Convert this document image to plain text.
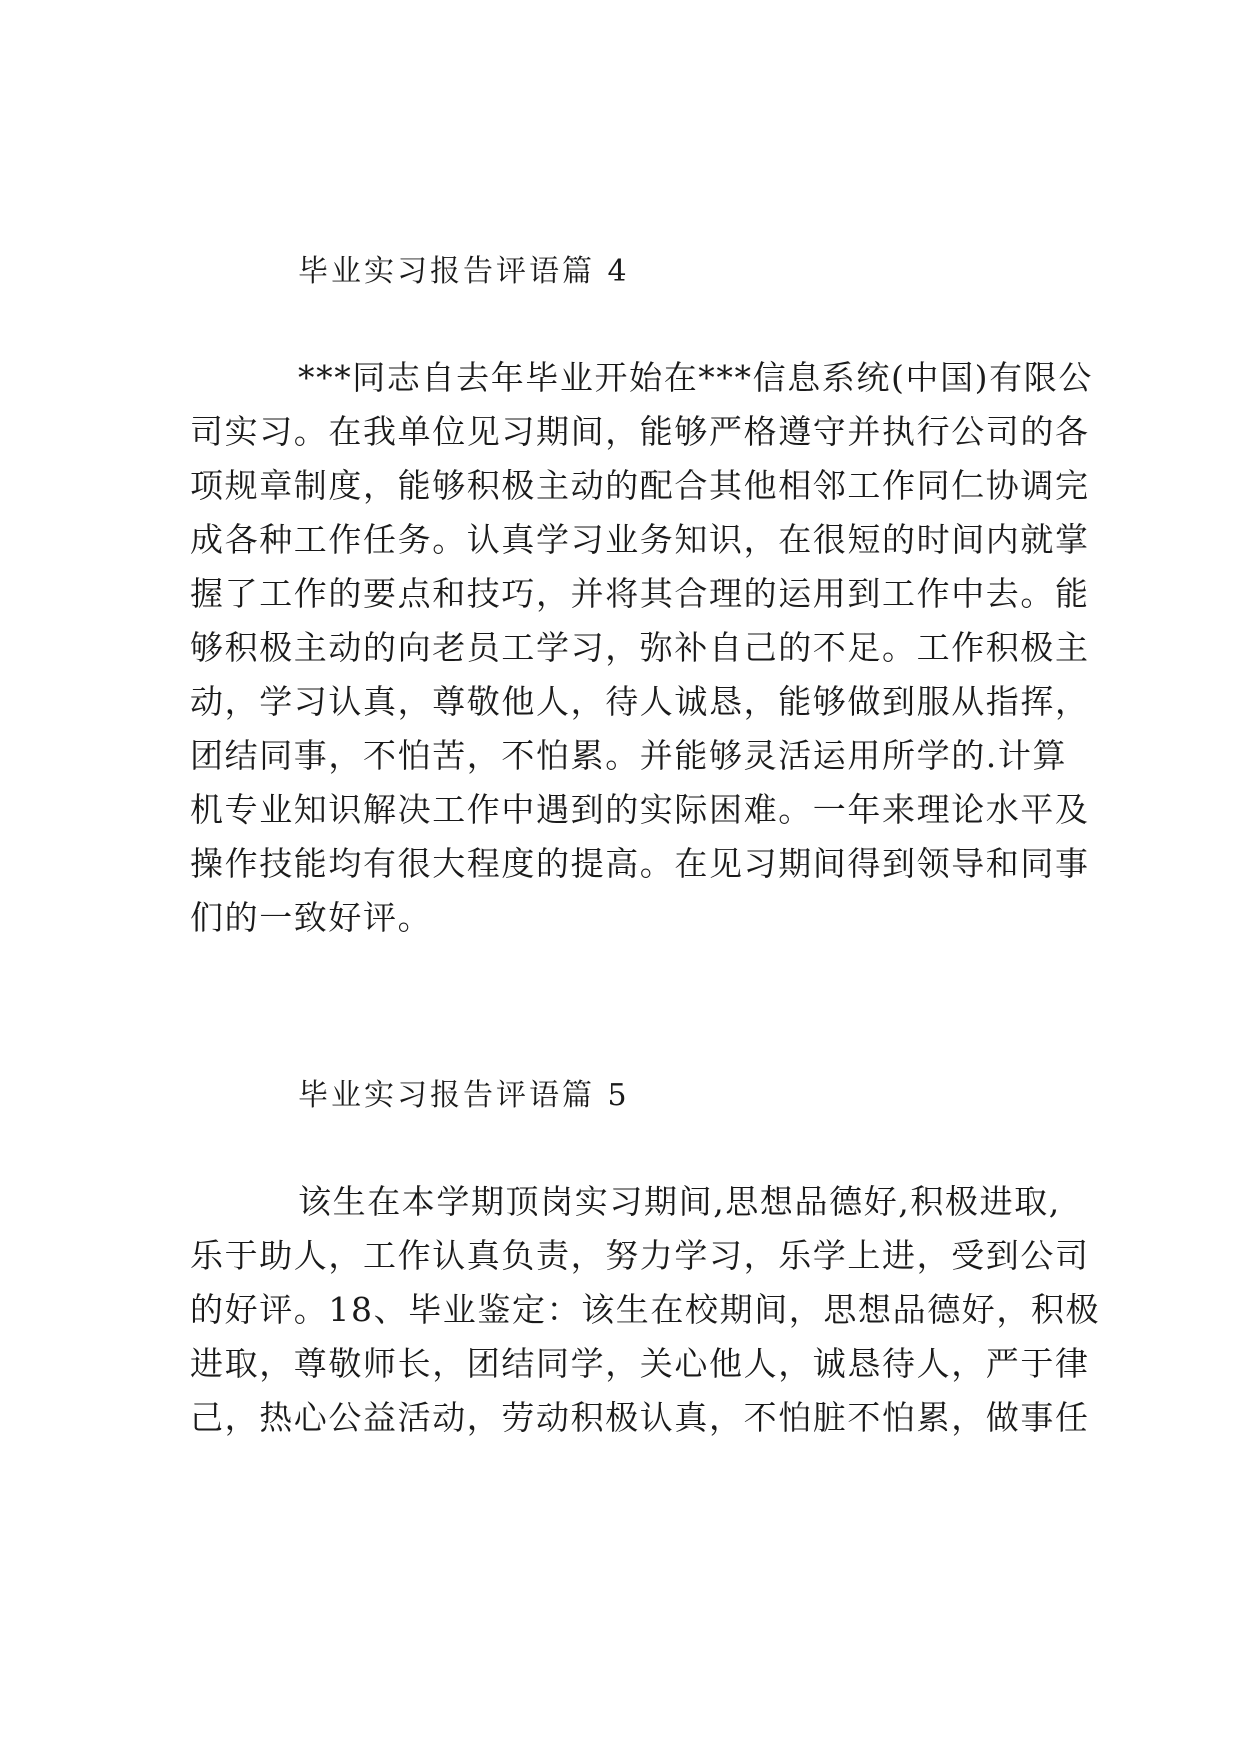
毕业实习报告评语篇 4

***同志自去年毕业开始在***信息系统(中国)有限公

司实习。在我单位见习期间，能够严格遵守并执行公司的各

项规章制度，能够积极主动的配合其他相邻工作同仁协调完

成各种工作任务。认真学习业务知识，在很短的时间内就掌

握了工作的要点和技巧，并将其合理的运用到工作中去。能

够积极主动的向老员工学习，弥补自己的不足。工作积极主

动，学习认真，尊敬他人，待人诚恳，能够做到服从指挥，

团结同事，不怕苦，不怕累。并能够灵活运用所学的.计算

机专业知识解决工作中遇到的实际困难。一年来理论水平及

操作技能均有很大程度的提高。在见习期间得到领导和同事

们的一致好评。

毕业实习报告评语篇 5

该生在本学期顶岗实习期间,思想品德好,积极进取,

乐于助人，工作认真负责，努力学习，乐学上进，受到公司

的好评。18、毕业鉴定：该生在校期间，思想品德好，积极

进取，尊敬师长，团结同学，关心他人，诚恳待人，严于律

己，热心公益活动，劳动积极认真，不怕脏不怕累，做事任
